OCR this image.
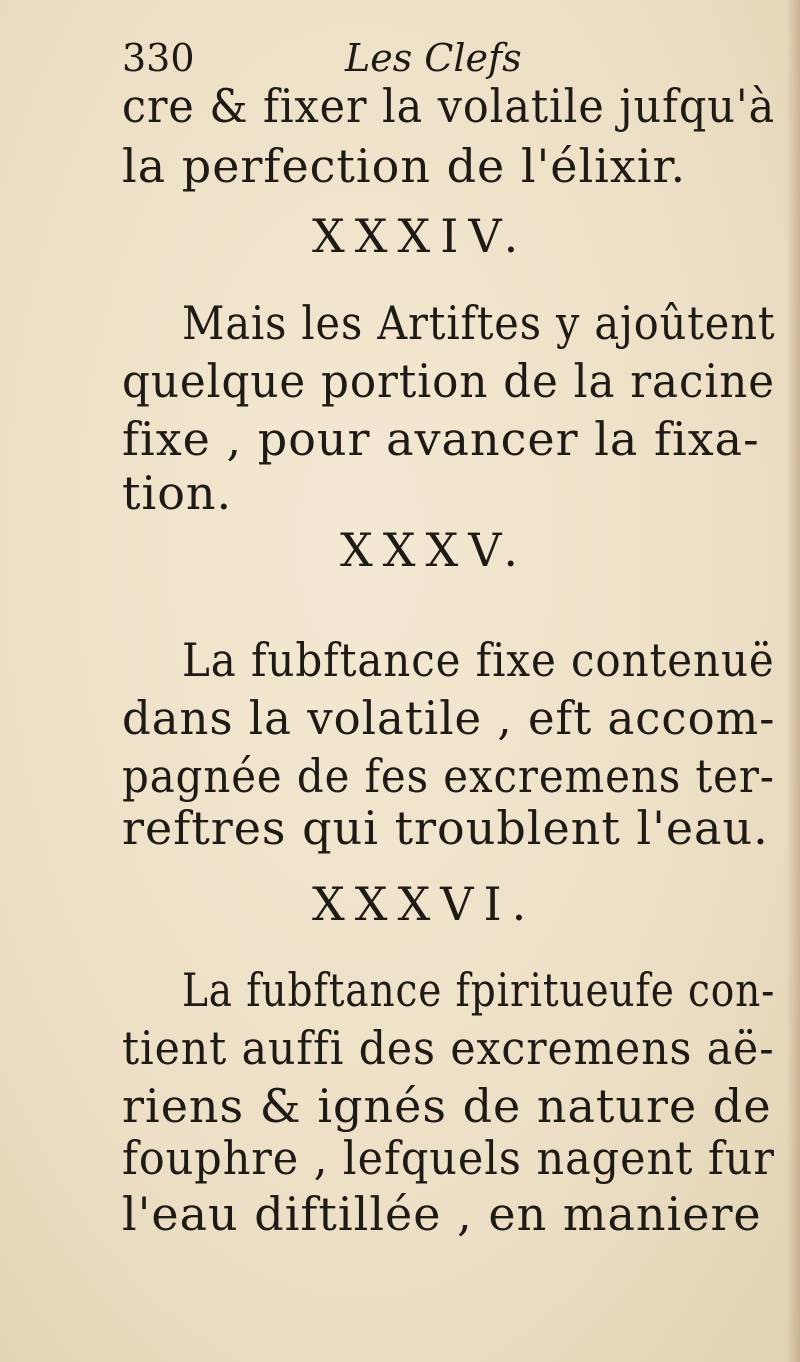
330	Les Clefs

cre & fixer la volatile jufqu'à

la perfection de l'élixir.

XXXIV.

Mais les Artiftes y ajoûtent

quelque portion de la racine

fixe , pour avancer la fixa-

tion.

XXXV.

La fubftance fixe contenuë

dans la volatile , eft accom-

pagnée de fes excremens ter-

reftres qui troublent l'eau.

XXXVI.

La fubftance fpiritueufe con-

tient auffi des excremens aë-

riens & ignés de nature de

fouphre , lefquels nagent fur

l'eau diftillée , en maniere
